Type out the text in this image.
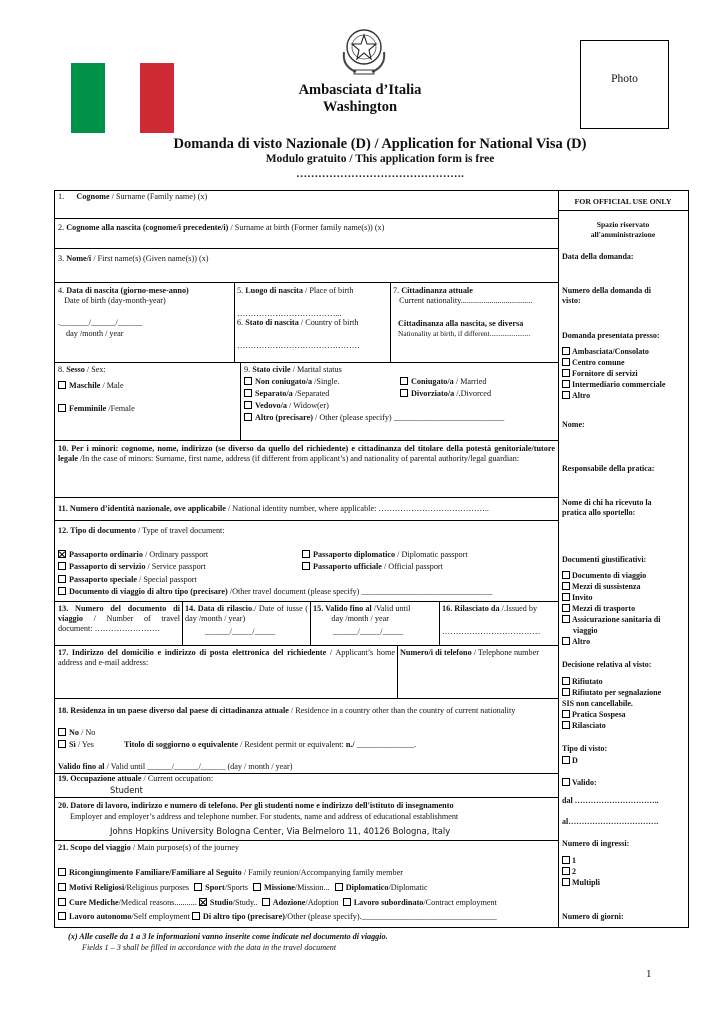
Photo
Ambasciata d’Italia
Washington
Domanda di visto Nazionale (D) / Application for National Visa (D)
Modulo gratuito / This application form is free
……………………………………….
1. Cognome / Surname (Family name) (x)
2. Cognome alla nascita (cognome/i precedente/i) / Surname at birth (Former family name(s)) (x)
3. Nome/i / First name(s) (Given name(s)) (x)
4. Data di nascita (giorno-mese-anno)
Date of birth (day-month-year)
._______/______/______
day /month / year
5. Luogo di nascita / Place of birth
………………………………...
6. Stato di nascita / Country of birth
………………………………………
7. Cittadinanza attuale
Current nationality...................................
Cittadinanza alla nascita, se diversa
Nationality at birth, if different......................
8. Sesso / Sex:
Maschile / Male
Femminile /Female
9. Stato civile / Marital status
Non coniugato/a /Single.	Coniugato/a / Married
Separato/a /Separated	Divorziato/a /.Divorced
Vedovo/a / Widow(er)
Altro (precisare) / Other (please specify) ___________________________
10. Per i minori: cognome, nome, indirizzo (se diverso da quello del richiedente) e cittadinanza del titolare della potestà genitoriale/tutore legale /In the case of minors: Surname, first name, address (if different from applicant’s) and nationality of parental authority/legal guardian:
11. Numero d’identità nazionale, ove applicabile / National identity number, where applicable: …………………………………..
12. Tipo di documento / Type of travel document:
Passaporto ordinario / Ordinary passport	Passaporto diplomatico / Diplomatic passport
Passaporto di servizio / Service passport	Passaporto ufficiale / Official passport
Passaporto speciale / Special passport
Documento di viaggio di altro tipo (precisare) /Other travel document (please specify) ________________________________
13. Numero del documento di viaggio / Number of travel document: ……………………
14. Data di rilascio./ Date of iusse ( day /month / year)
______/_____/_____
15. Valido fino al /Valid until
day /month / year
______/_____/_____
16. Rilasciato da /.Issued by
………………………………
17. Indirizzo del domicilio e indirizzo di posta elettronica del richiedente / Applicant’s home address and e-mail address:
Numero/i di telefono / Telephone number
18. Residenza in un paese diverso dal paese di cittadinanza attuale / Residence in a country other than the country of current nationality
No / No
Sì / Yes	Titolo di soggiorno o equivalente / Resident permit or equivalent: n./ ______________.
Valido fino al / Valid until ______/______/______ (day / month / year)
19. Occupazione attuale / Current occupation:
Student
20. Datore di lavoro, indirizzo e numero di telefono. Per gli studenti nome e indirizzo dell'istituto di insegnamento
Employer and employer’s address and telephone number. For students, name and address of educational establishment
Johns Hopkins University Bologna Center, Via Belmeloro 11, 40126 Bologna, Italy
21. Scopo del viaggio / Main purpose(s) of the journey
Ricongiungimento Familiare/Familiare al Seguito / Family reunion/Accompanying family member
Motivi Religiosi/Religious purposes Sport/Sports Missione/Mission... Diplomatico/Diplomatic
Cure Mediche/Medical reasons........... Studio/Study.. Adozione/Adoption Lavoro subordinato/Contract employment
Lavoro autonomo/Self employment Di altro tipo (precisare)/Other (please specify)._________________________________
(x) Alle caselle da 1 a 3 le informazioni vanno inserite come indicate nel documento di viaggio.
Fields 1 – 3 shall be filled in accordance with the data in the travel document
1
FOR OFFICIAL USE ONLY
Spazio riservato
all'amministrazione
Data della domanda:
Numero della domanda di
visto:
Domanda presentata presso:
Ambasciata/Consolato
Centro comune
Fornitore di servizi
Intermediario commerciale
Altro
Nome:
Responsabile della pratica:
Nome di chi ha ricevuto la
pratica allo sportello:
Documenti giustificativi:
Documento di viaggio
Mezzi di sussistenza
Invito
Mezzi di trasporto
Assicurazione sanitaria di
viaggio
Altro
Decisione relativa al visto:
Rifiutato
Rifiutato per segnalazione
SIS non cancellabile.
Pratica Sospesa
Rilasciato
Tipo di visto:
D
Valido:
dal …………………………..
al…………………………….
Numero di ingressi:
1
2
Multipli
Numero di giorni:
